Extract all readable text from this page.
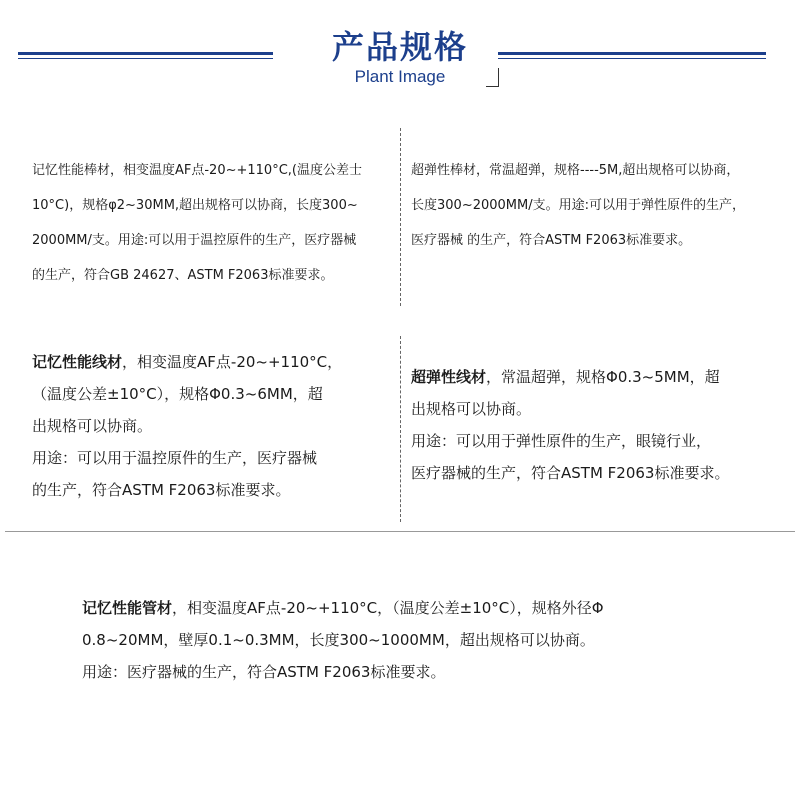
产品规格
Plant Image
记忆性能棒材，相变温度AF点-20~+110°C,(温度公差士
10°C)，规格φ2~30MM,超出规格可以协商，长度300~
2000MM/支。用途:可以用于温控原件的生产，医疗器械
的生产，符合GB 24627、ASTM F2063标准要求。
超弹性棒材，常温超弹，规格----5M,超出规格可以协商，
长度300~2000MM/支。用途:可以用于弹性原件的生产，
医疗器械 的生产，符合ASTM F2063标准要求。
记忆性能线材，相变温度AF点-20~+110°C，
（温度公差±10°C），规格Φ0.3~6MM，超
出规格可以协商。
用途：可以用于温控原件的生产，医疗器械
的生产，符合ASTM F2063标准要求。
超弹性线材，常温超弹，规格Φ0.3~5MM，超
出规格可以协商。
用途：可以用于弹性原件的生产，眼镜行业，
医疗器械的生产，符合ASTM F2063标准要求。
记忆性能管材，相变温度AF点-20~+110°C，（温度公差±10°C），规格外径Φ
0.8~20MM，壁厚0.1~0.3MM，长度300~1000MM，超出规格可以协商。
用途：医疗器械的生产，符合ASTM F2063标准要求。
